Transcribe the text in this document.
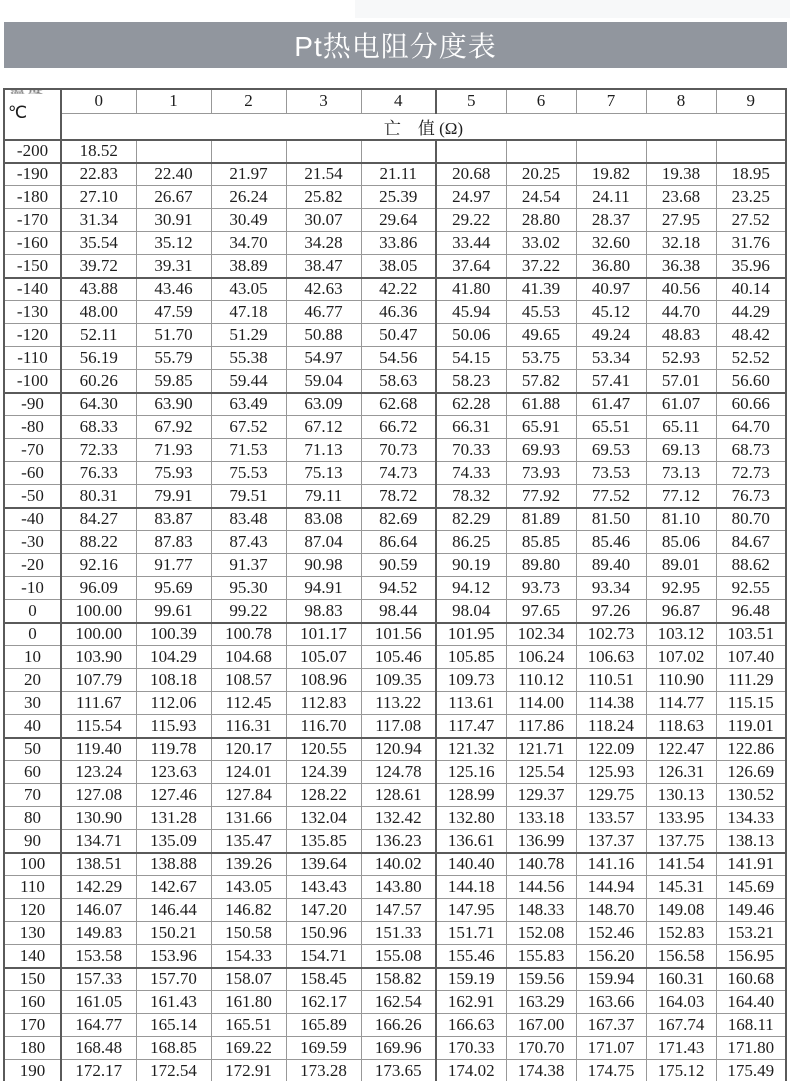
Pt热电阻分度表
温度
℃	0	1	2	3	4	5	6	7	8	9
	亡　值 (Ω)									
-200	18.52									
-190	22.83	22.40	21.97	21.54	21.11	20.68	20.25	19.82	19.38	18.95
-180	27.10	26.67	26.24	25.82	25.39	24.97	24.54	24.11	23.68	23.25
-170	31.34	30.91	30.49	30.07	29.64	29.22	28.80	28.37	27.95	27.52
-160	35.54	35.12	34.70	34.28	33.86	33.44	33.02	32.60	32.18	31.76
-150	39.72	39.31	38.89	38.47	38.05	37.64	37.22	36.80	36.38	35.96
-140	43.88	43.46	43.05	42.63	42.22	41.80	41.39	40.97	40.56	40.14
-130	48.00	47.59	47.18	46.77	46.36	45.94	45.53	45.12	44.70	44.29
-120	52.11	51.70	51.29	50.88	50.47	50.06	49.65	49.24	48.83	48.42
-110	56.19	55.79	55.38	54.97	54.56	54.15	53.75	53.34	52.93	52.52
-100	60.26	59.85	59.44	59.04	58.63	58.23	57.82	57.41	57.01	56.60
-90	64.30	63.90	63.49	63.09	62.68	62.28	61.88	61.47	61.07	60.66
-80	68.33	67.92	67.52	67.12	66.72	66.31	65.91	65.51	65.11	64.70
-70	72.33	71.93	71.53	71.13	70.73	70.33	69.93	69.53	69.13	68.73
-60	76.33	75.93	75.53	75.13	74.73	74.33	73.93	73.53	73.13	72.73
-50	80.31	79.91	79.51	79.11	78.72	78.32	77.92	77.52	77.12	76.73
-40	84.27	83.87	83.48	83.08	82.69	82.29	81.89	81.50	81.10	80.70
-30	88.22	87.83	87.43	87.04	86.64	86.25	85.85	85.46	85.06	84.67
-20	92.16	91.77	91.37	90.98	90.59	90.19	89.80	89.40	89.01	88.62
-10	96.09	95.69	95.30	94.91	94.52	94.12	93.73	93.34	92.95	92.55
0	100.00	99.61	99.22	98.83	98.44	98.04	97.65	97.26	96.87	96.48
0	100.00	100.39	100.78	101.17	101.56	101.95	102.34	102.73	103.12	103.51
10	103.90	104.29	104.68	105.07	105.46	105.85	106.24	106.63	107.02	107.40
20	107.79	108.18	108.57	108.96	109.35	109.73	110.12	110.51	110.90	111.29
30	111.67	112.06	112.45	112.83	113.22	113.61	114.00	114.38	114.77	115.15
40	115.54	115.93	116.31	116.70	117.08	117.47	117.86	118.24	118.63	119.01
50	119.40	119.78	120.17	120.55	120.94	121.32	121.71	122.09	122.47	122.86
60	123.24	123.63	124.01	124.39	124.78	125.16	125.54	125.93	126.31	126.69
70	127.08	127.46	127.84	128.22	128.61	128.99	129.37	129.75	130.13	130.52
80	130.90	131.28	131.66	132.04	132.42	132.80	133.18	133.57	133.95	134.33
90	134.71	135.09	135.47	135.85	136.23	136.61	136.99	137.37	137.75	138.13
100	138.51	138.88	139.26	139.64	140.02	140.40	140.78	141.16	141.54	141.91
110	142.29	142.67	143.05	143.43	143.80	144.18	144.56	144.94	145.31	145.69
120	146.07	146.44	146.82	147.20	147.57	147.95	148.33	148.70	149.08	149.46
130	149.83	150.21	150.58	150.96	151.33	151.71	152.08	152.46	152.83	153.21
140	153.58	153.96	154.33	154.71	155.08	155.46	155.83	156.20	156.58	156.95
150	157.33	157.70	158.07	158.45	158.82	159.19	159.56	159.94	160.31	160.68
160	161.05	161.43	161.80	162.17	162.54	162.91	163.29	163.66	164.03	164.40
170	164.77	165.14	165.51	165.89	166.26	166.63	167.00	167.37	167.74	168.11
180	168.48	168.85	169.22	169.59	169.96	170.33	170.70	171.07	171.43	171.80
190	172.17	172.54	172.91	173.28	173.65	174.02	174.38	174.75	175.12	175.49
